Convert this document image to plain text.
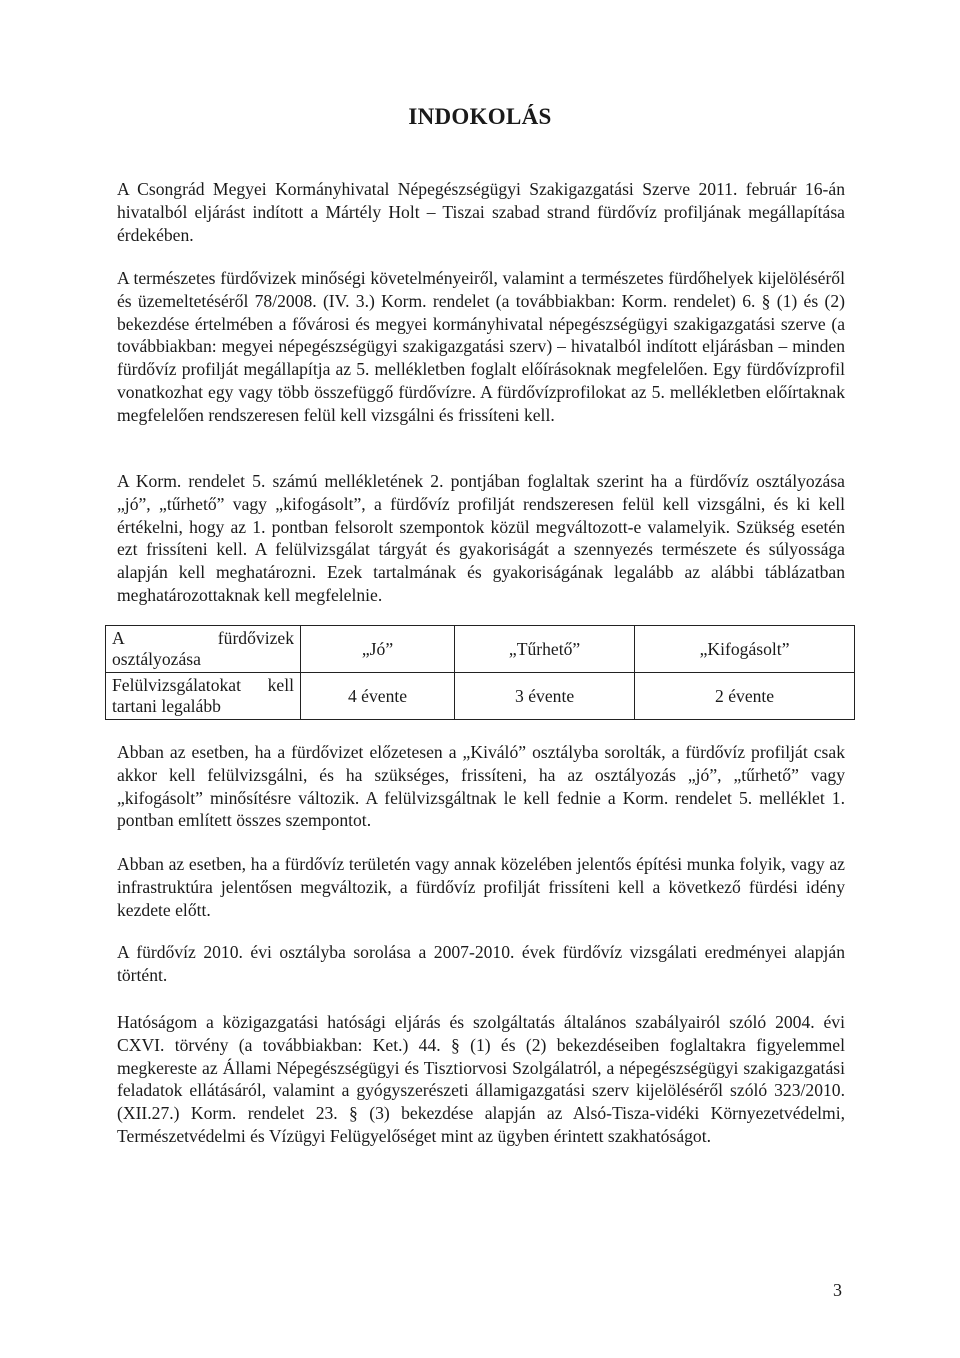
INDOKOLÁS

A Csongrád Megyei Kormányhivatal Népegészségügyi Szakigazgatási Szerve 2011. február 16-án hivatalból eljárást indított a Mártély Holt – Tiszai szabad strand fürdővíz profiljának megállapítása érdekében.

A természetes fürdővizek minőségi követelményeiről, valamint a természetes fürdőhelyek kijelöléséről és üzemeltetéséről 78/2008. (IV. 3.) Korm. rendelet (a továbbiakban: Korm. rendelet) 6. § (1) és (2) bekezdése értelmében a fővárosi és megyei kormányhivatal népegészségügyi szakigazgatási szerve (a továbbiakban: megyei népegészségügyi szakigazgatási szerv) – hivatalból indított eljárásban – minden fürdővíz profilját megállapítja az 5. mellékletben foglalt előírásoknak megfelelően. Egy fürdővízprofil vonatkozhat egy vagy több összefüggő fürdővízre. A fürdővízprofilokat az 5. mellékletben előírtaknak megfelelően rendszeresen felül kell vizsgálni és frissíteni kell.

A Korm. rendelet 5. számú mellékletének 2. pontjában foglaltak szerint ha a fürdővíz osztályozása „jó”, „tűrhető” vagy „kifogásolt”, a fürdővíz profilját rendszeresen felül kell vizsgálni, és ki kell értékelni, hogy az 1. pontban felsorolt szempontok közül megváltozott-e valamelyik. Szükség esetén ezt frissíteni kell. A felülvizsgálat tárgyát és gyakoriságát a szennyezés természete és súlyossága alapján kell meghatározni. Ezek tartalmának és gyakoriságának legalább az alábbi táblázatban meghatározottaknak kell megfelelnie.

A fürdővizek osztályozása	„Jó”	„Tűrhető”	„Kifogásolt”

Felülvizsgálatokat kell tartani legalább	4 évente	3 évente	2 évente

Abban az esetben, ha a fürdővizet előzetesen a „Kiváló” osztályba sorolták, a fürdővíz profilját csak akkor kell felülvizsgálni, és ha szükséges, frissíteni, ha az osztályozás „jó”, „tűrhető” vagy „kifogásolt” minősítésre változik. A felülvizsgáltnak le kell fednie a Korm. rendelet 5. melléklet 1. pontban említett összes szempontot.

Abban az esetben, ha a fürdővíz területén vagy annak közelében jelentős építési munka folyik, vagy az infrastruktúra jelentősen megváltozik, a fürdővíz profilját frissíteni kell a következő fürdési idény kezdete előtt.

A fürdővíz 2010. évi osztályba sorolása a 2007-2010. évek fürdővíz vizsgálati eredményei alapján történt.

Hatóságom a közigazgatási hatósági eljárás és szolgáltatás általános szabályairól szóló 2004. évi CXVI. törvény (a továbbiakban: Ket.) 44. § (1) és (2) bekezdéseiben foglaltakra figyelemmel megkereste az Állami Népegészségügyi és Tisztiorvosi Szolgálatról, a népegészségügyi szakigazgatási feladatok ellátásáról, valamint a gyógyszerészeti államigazgatási szerv kijelöléséről szóló 323/2010. (XII.27.) Korm. rendelet 23. § (3) bekezdése alapján az Alsó-Tisza-vidéki Környezetvédelmi, Természetvédelmi és Vízügyi Felügyelőséget mint az ügyben érintett szakhatóságot.

3
